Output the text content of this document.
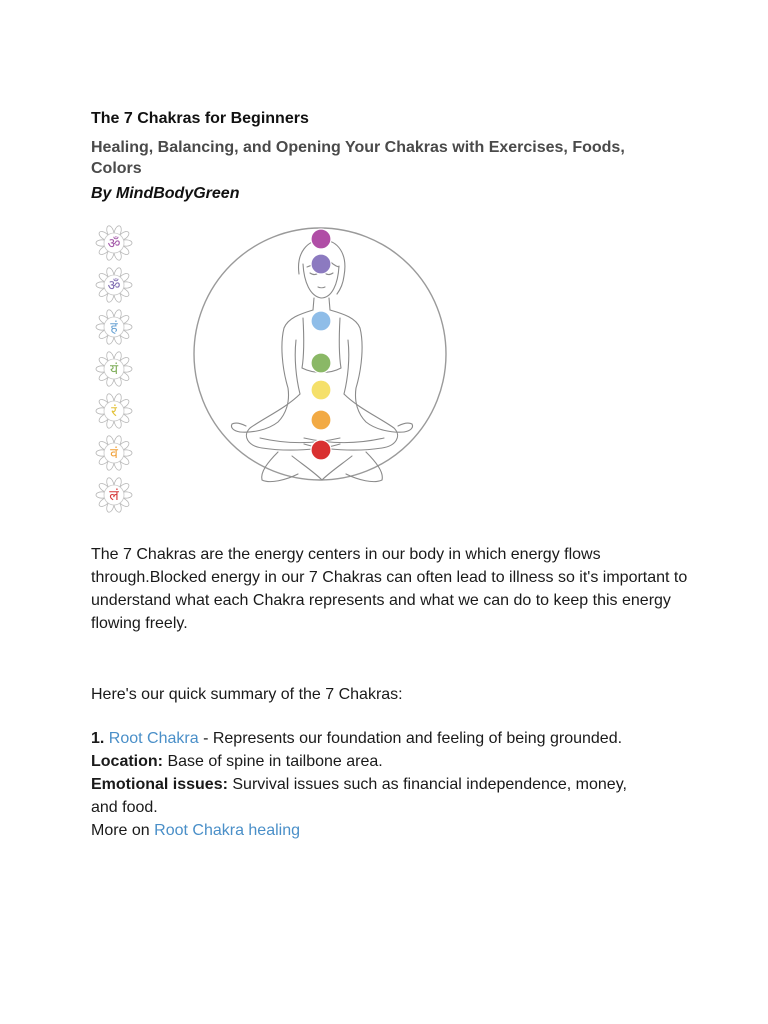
The 7 Chakras for Beginners
Healing, Balancing, and Opening Your Chakras with Exercises, Foods, Colors
By MindBodyGreen
ॐ
ॐ
हं
यं
रं
वं
लं
The 7 Chakras are the energy centers in our body in which energy flows through.Blocked energy in our 7 Chakras can often lead to illness so it's important to understand what each Chakra represents and what we can do to keep this energy flowing freely.
Here's our quick summary of the 7 Chakras:

1. Root Chakra - Represents our foundation and feeling of being grounded.

Location: Base of spine in tailbone area.

Emotional issues: Survival issues such as financial independence, money, and food.

More on Root Chakra healing
